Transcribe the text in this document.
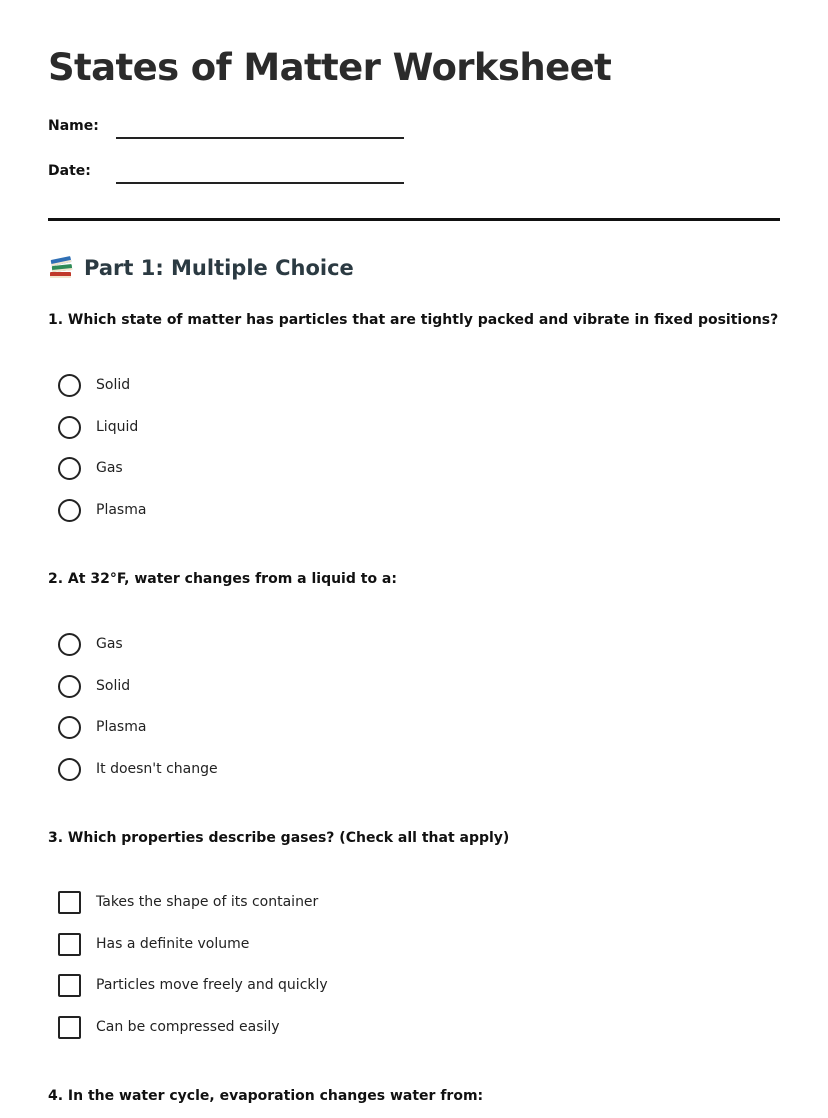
States of Matter Worksheet
Name:
Date:
Part 1: Multiple Choice
1. Which state of matter has particles that are tightly packed and vibrate in fixed positions?
Solid
Liquid
Gas
Plasma
2. At 32°F, water changes from a liquid to a:
Gas
Solid
Plasma
It doesn't change
3. Which properties describe gases? (Check all that apply)
Takes the shape of its container
Has a definite volume
Particles move freely and quickly
Can be compressed easily
4. In the water cycle, evaporation changes water from:
